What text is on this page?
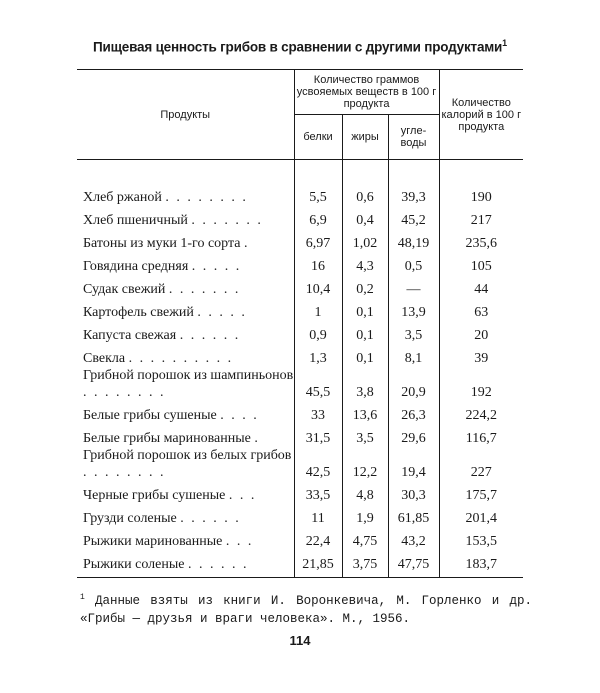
Пищевая ценность грибов в сравнении с другими продуктами$^1$
Продукты	Количество граммов усвояемых веществ в 100 г продукта			Количество калорий в 100 г продукта
	белки	жиры	угле-
воды	

Хлеб ржаной . . . . . . . .	5,5	0,6	39,3	190
Хлеб пшеничный . . . . . . .	6,9	0,4	45,2	217
Батоны из муки 1-го сорта .	6,97	1,02	48,19	235,6
Говядина средняя . . . . .	16	4,3	0,5	105
Судак свежий . . . . . . .	10,4	0,2	—	44
Картофель свежий . . . . .	1	0,1	13,9	63
Капуста свежая . . . . . .	0,9	0,1	3,5	20
Свекла . . . . . . . . . .	1,3	0,1	8,1	39
Грибной порошок из шампиньонов . . . . . . . .	45,5	3,8	20,9	192
Белые грибы сушеные . . . .	33	13,6	26,3	224,2
Белые грибы маринованные .	31,5	3,5	29,6	116,7
Грибной порошок из белых грибов . . . . . . . .	42,5	12,2	19,4	227
Черные грибы сушеные . . .	33,5	4,8	30,3	175,7
Грузди соленые . . . . . .	11	1,9	61,85	201,4
Рыжики маринованные . . .	22,4	4,75	43,2	153,5
Рыжики соленые . . . . . .	21,85	3,75	47,75	183,7
$^1$ Данные взяты из книги И. Воронкевича, М. Горленко и др. «Грибы — друзья и враги человека». М., 1956.
114
